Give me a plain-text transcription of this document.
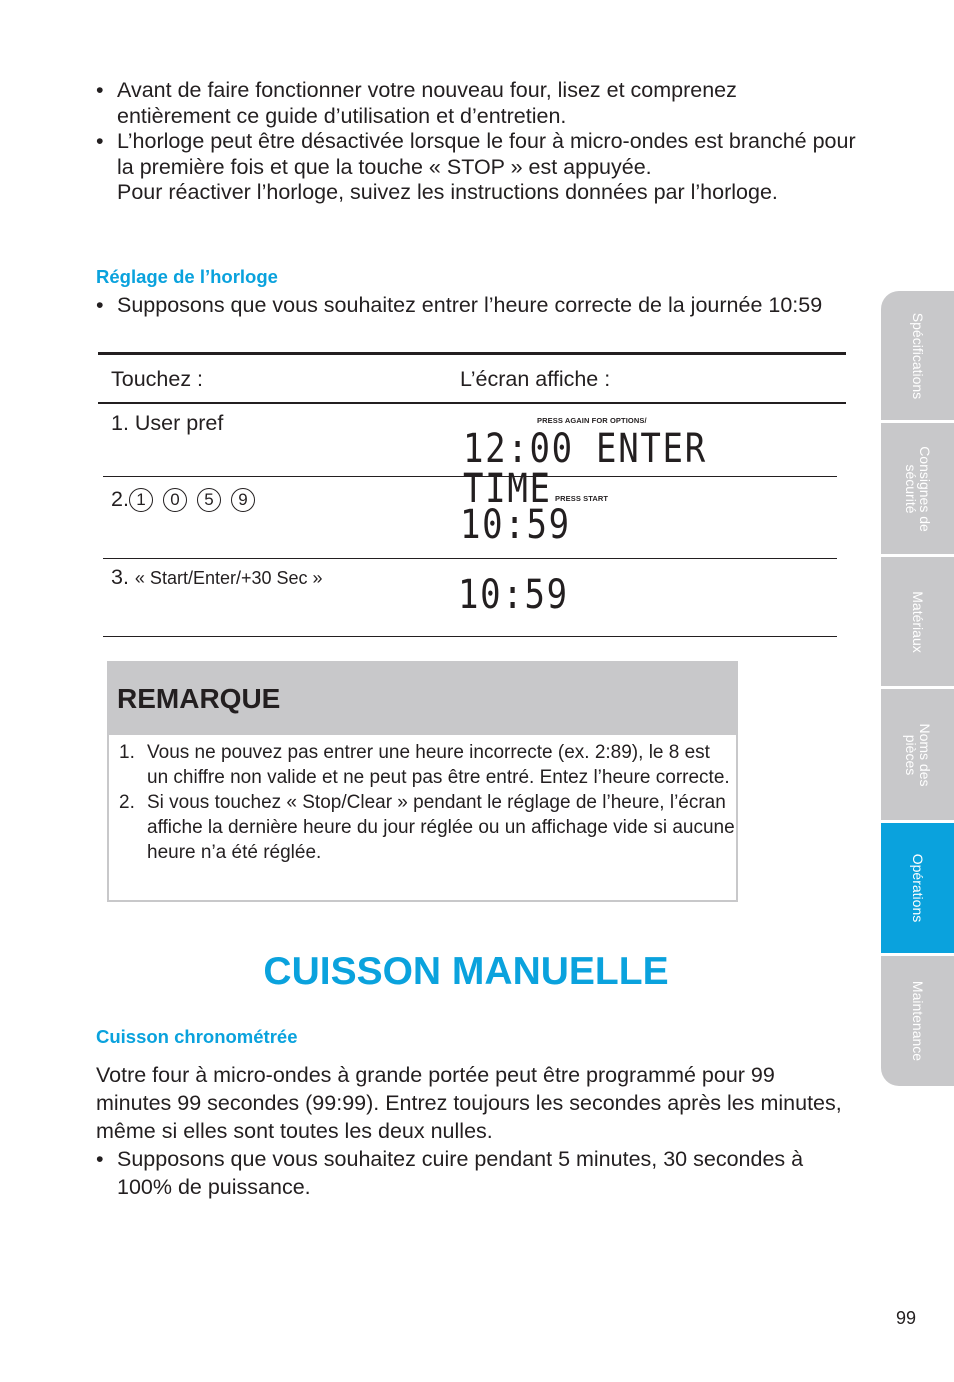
• Avant de faire fonctionner votre nouveau four, lisez et comprenez entièrement ce guide d’utilisation et d’entretien.
• L’horloge peut être désactivée lorsque le four à micro-ondes est branché pour la première fois et que la touche « STOP » est appuyée.
Pour réactiver l’horloge, suivez les instructions données par l’horloge.
Réglage de l’horloge
• Supposons que vous souhaitez entrer l’heure correcte de la journée 10:59
Touchez :	L’écran affiche :
1. User pref	PRESS AGAIN FOR OPTIONS/
12:00 ENTER TIME
2. 1 0 5 9	PRESS START
10:59
3. « Start/Enter/+30 Sec »	10:59
REMARQUE
1. Vous ne pouvez pas entrer une heure incorrecte (ex. 2:89), le 8 est un chiffre non valide et ne peut pas être entré. Entez l’heure correcte.
2. Si vous touchez « Stop/Clear » pendant le réglage de l’heure, l’écran affiche la dernière heure du jour réglée ou un affichage vide si aucune heure n’a été réglée.
CUISSON MANUELLE
Cuisson chronométrée
Votre four à micro-ondes à grande portée peut être programmé pour 99 minutes 99 secondes (99:99). Entrez toujours les secondes après les minutes, même si elles sont toutes les deux nulles.
• Supposons que vous souhaitez cuire pendant 5 minutes, 30 secondes à 100% de puissance.
Spécifications
Consignes de sécurité
Matériaux
Noms des pièces
Opérations
Maintenance
99
